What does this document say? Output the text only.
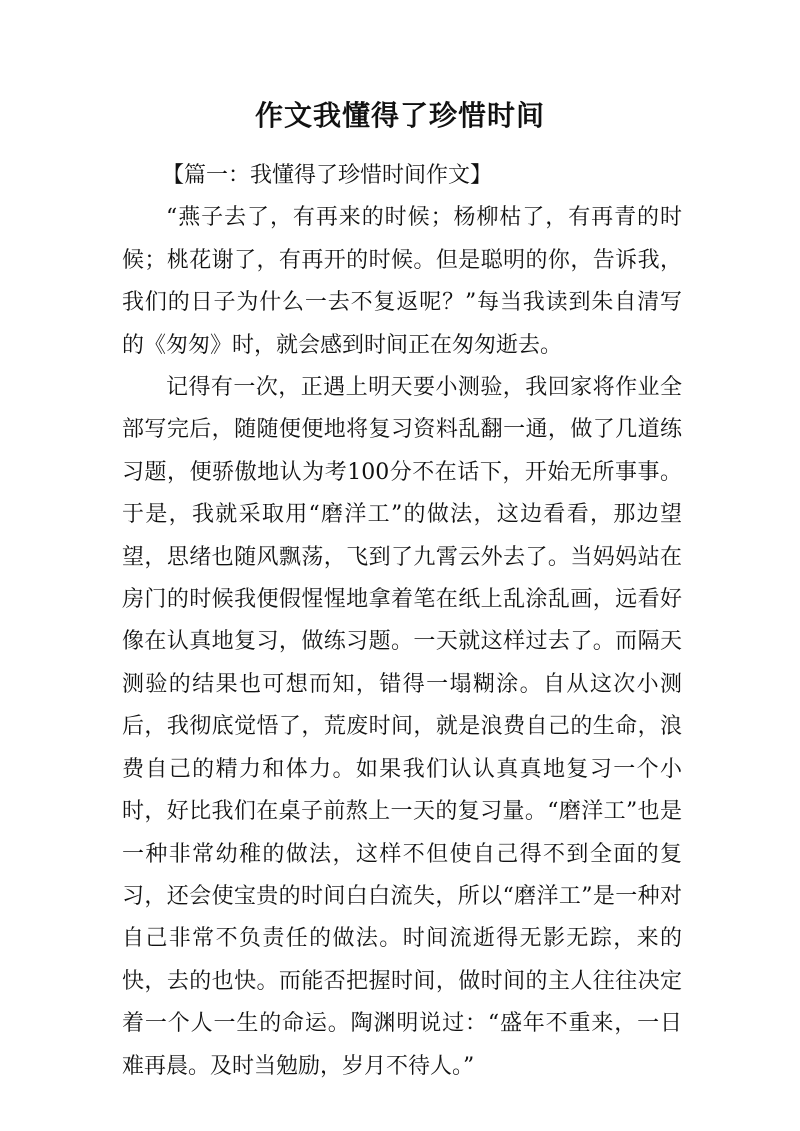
作文我懂得了珍惜时间

【篇一：我懂得了珍惜时间作文】

“燕子去了，有再来的时候；杨柳枯了，有再青的时候；桃花谢了，有再开的时候。但是聪明的你，告诉我，我们的日子为什么一去不复返呢？”每当我读到朱自清写的《匆匆》时，就会感到时间正在匆匆逝去。

记得有一次，正遇上明天要小测验，我回家将作业全部写完后，随随便便地将复习资料乱翻一通，做了几道练习题，便骄傲地认为考100分不在话下，开始无所事事。于是，我就采取用“磨洋工”的做法，这边看看，那边望望，思绪也随风飘荡，飞到了九霄云外去了。当妈妈站在房门的时候我便假惺惺地拿着笔在纸上乱涂乱画，远看好像在认真地复习，做练习题。一天就这样过去了。而隔天测验的结果也可想而知，错得一塌糊涂。自从这次小测后，我彻底觉悟了，荒废时间，就是浪费自己的生命，浪费自己的精力和体力。如果我们认认真真地复习一个小时，好比我们在桌子前熬上一天的复习量。“磨洋工”也是一种非常幼稚的做法，这样不但使自己得不到全面的复习，还会使宝贵的时间白白流失，所以“磨洋工”是一种对自己非常不负责任的做法。时间流逝得无影无踪，来的快，去的也快。而能否把握时间，做时间的主人往往决定着一个人一生的命运。陶渊明说过：“盛年不重来，一日难再晨。及时当勉励，岁月不待人。”
